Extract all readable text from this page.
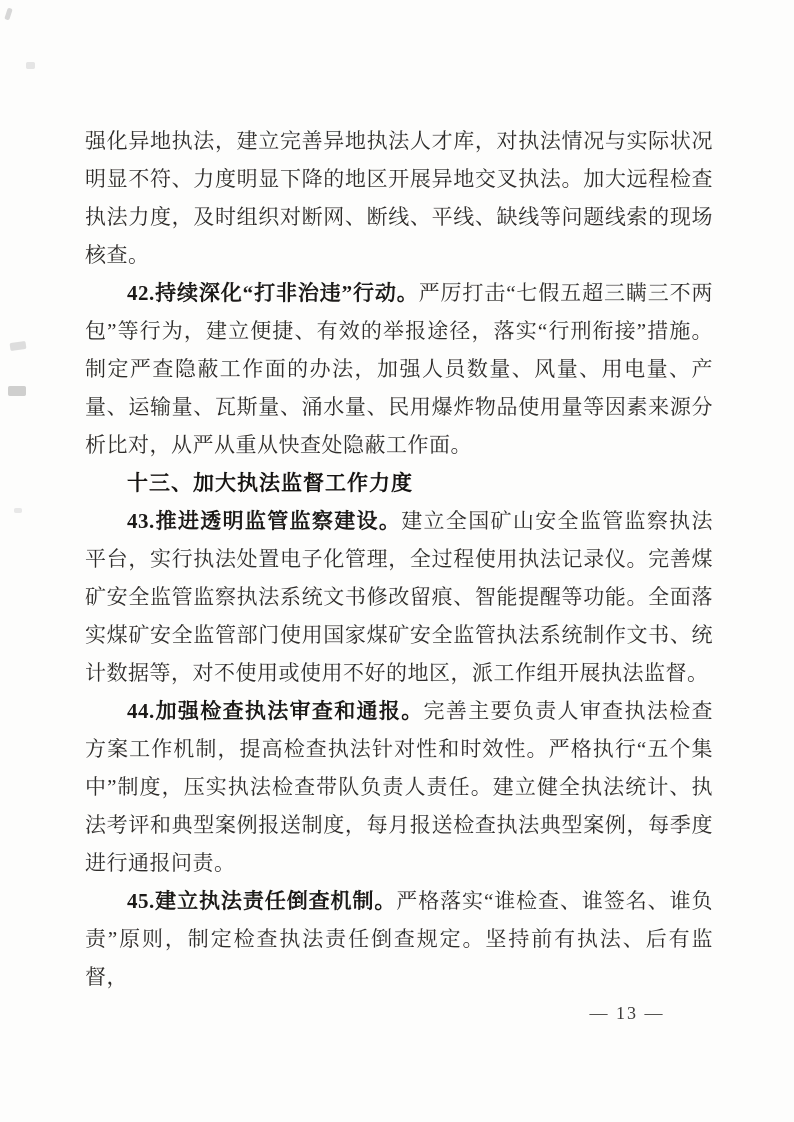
强化异地执法，建立完善异地执法人才库，对执法情况与实际状况明显不符、力度明显下降的地区开展异地交叉执法。加大远程检查执法力度，及时组织对断网、断线、平线、缺线等问题线索的现场核查。

42.持续深化“打非治违”行动。严厉打击“七假五超三瞒三不两包”等行为，建立便捷、有效的举报途径，落实“行刑衔接”措施。制定严查隐蔽工作面的办法，加强人员数量、风量、用电量、产量、运输量、瓦斯量、涌水量、民用爆炸物品使用量等因素来源分析比对，从严从重从快查处隐蔽工作面。

十三、加大执法监督工作力度

43.推进透明监管监察建设。建立全国矿山安全监管监察执法平台，实行执法处置电子化管理，全过程使用执法记录仪。完善煤矿安全监管监察执法系统文书修改留痕、智能提醒等功能。全面落实煤矿安全监管部门使用国家煤矿安全监管执法系统制作文书、统计数据等，对不使用或使用不好的地区，派工作组开展执法监督。

44.加强检查执法审查和通报。完善主要负责人审查执法检查方案工作机制，提高检查执法针对性和时效性。严格执行“五个集中”制度，压实执法检查带队负责人责任。建立健全执法统计、执法考评和典型案例报送制度，每月报送检查执法典型案例，每季度进行通报问责。

45.建立执法责任倒查机制。严格落实“谁检查、谁签名、谁负责”原则，制定检查执法责任倒查规定。坚持前有执法、后有监督，

— 13 —
